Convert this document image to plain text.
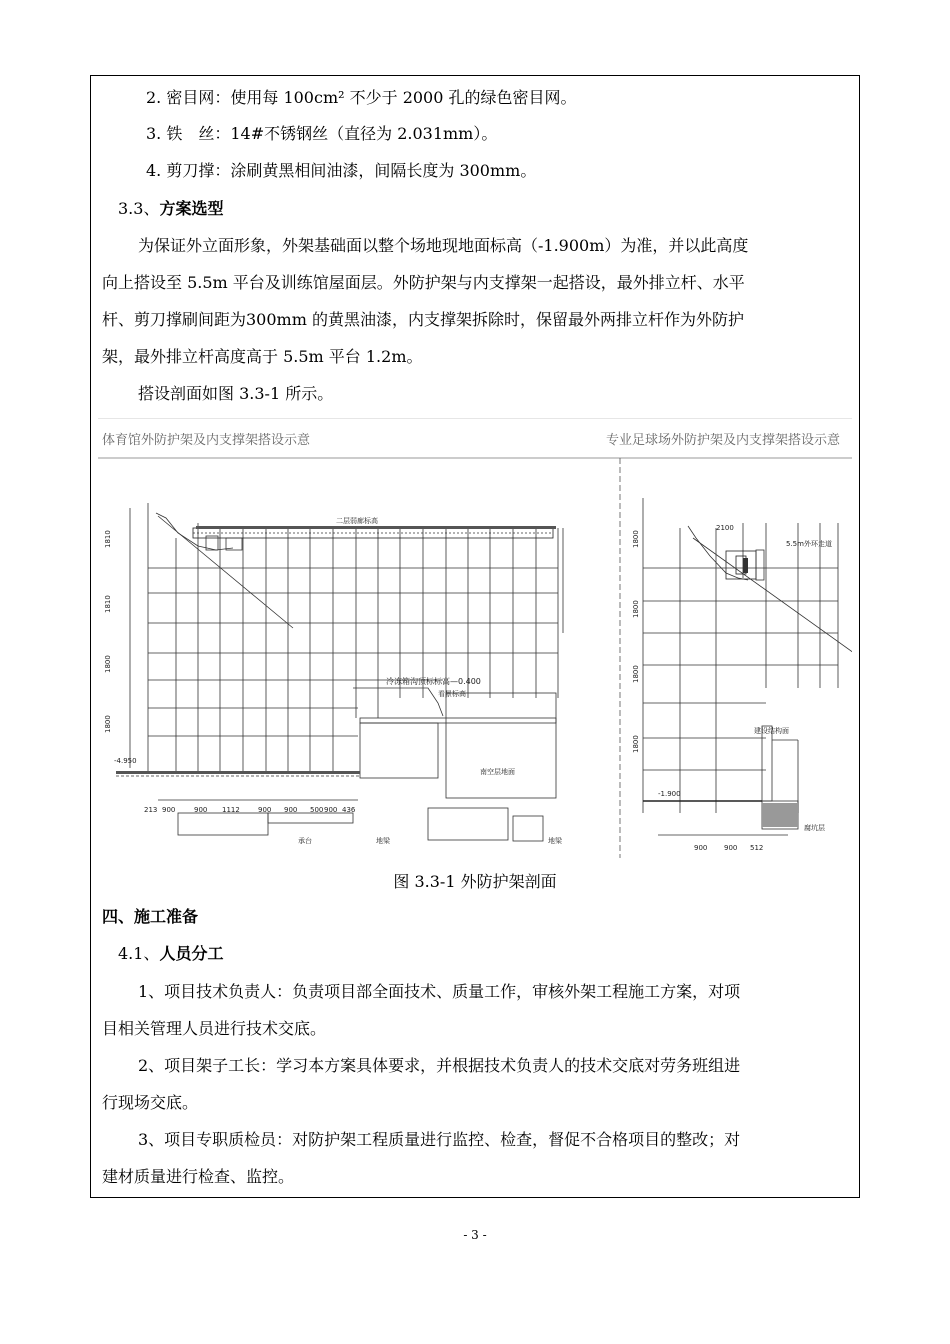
2. 密目网：使用每 100cm² 不少于 2000 孔的绿色密目网。
3. 铁　丝：14#不锈钢丝（直径为 2.031mm）。
4. 剪刀撑：涂刷黄黑相间油漆，间隔长度为 300mm。
3.3、方案选型
为保证外立面形象，外架基础面以整个场地现地面标高（-1.900m）为准，并以此高度
向上搭设至 5.5m 平台及训练馆屋面层。外防护架与内支撑架一起搭设，最外排立杆、水平
杆、剪刀撑刷间距为300mm 的黄黑油漆，内支撑架拆除时，保留最外两排立杆作为外防护
架，最外排立杆高度高于 5.5m 平台 1.2m。
搭设剖面如图 3.3-1 所示。
体育馆外防护架及内支撑架搭设示意	专业足球场外防护架及内支撑架搭设示意
二层弱廊标高
冷冻箱沟顶标标高—0.400
看景标高
南空层地面
-4.950
承台	地梁	地梁
1810
1810
1800
1800
213 900	900 1112	900 900 500 900 436
5.5m外环走道
2100
建设结构面
-1.900
腐坑层
1800
1800
1800
1800
900 900 512
图 3.3-1 外防护架剖面
四、施工准备
4.1、人员分工
1、项目技术负责人：负责项目部全面技术、质量工作，审核外架工程施工方案，对项
目相关管理人员进行技术交底。
2、项目架子工长：学习本方案具体要求，并根据技术负责人的技术交底对劳务班组进
行现场交底。
3、项目专职质检员：对防护架工程质量进行监控、检查，督促不合格项目的整改；对
建材质量进行检查、监控。
- 3 -
